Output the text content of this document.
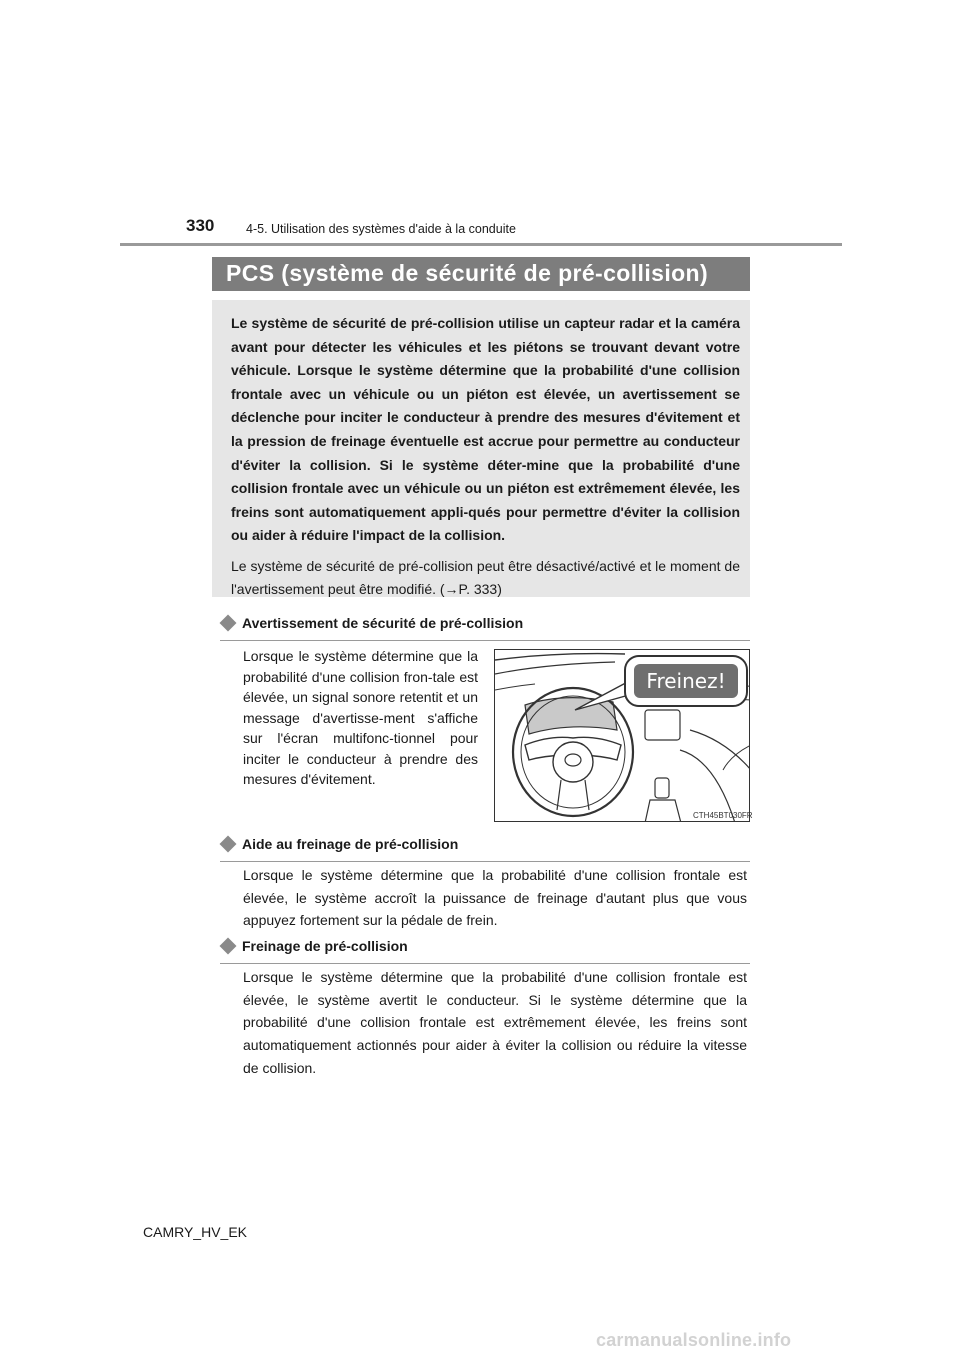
330	4-5. Utilisation des systèmes d'aide à la conduite
PCS (système de sécurité de pré-collision)

Le système de sécurité de pré-collision utilise un capteur radar et la caméra avant pour détecter les véhicules et les piétons se trouvant devant votre véhicule. Lorsque le système détermine que la probabilité d'une collision frontale avec un véhicule ou un piéton est élevée, un avertissement se déclenche pour inciter le conducteur à prendre des mesures d'évitement et la pression de freinage éventuelle est accrue pour permettre au conducteur d'éviter la collision. Si le système déter-mine que la probabilité d'une collision frontale avec un véhicule ou un piéton est extrêmement élevée, les freins sont automatiquement appli-qués pour permettre d'éviter la collision ou aider à réduire l'impact de la collision.

Le système de sécurité de pré-collision peut être désactivé/activé et le moment de l'avertissement peut être modifié. (→P. 333)

Avertissement de sécurité de pré-collision

Lorsque le système détermine que la probabilité d'une collision fron-tale est élevée, un signal sonore retentit et un message d'avertisse-ment s'affiche sur l'écran multifonc-tionnel pour inciter le conducteur à prendre des mesures d'évitement.

Freinez!
CTH45BT030FR
Aide au freinage de pré-collision

Lorsque le système détermine que la probabilité d'une collision frontale est élevée, le système accroît la puissance de freinage d'autant plus que vous appuyez fortement sur la pédale de frein.

Freinage de pré-collision

Lorsque le système détermine que la probabilité d'une collision frontale est élevée, le système avertit le conducteur. Si le système détermine que la probabilité d'une collision frontale est extrêmement élevée, les freins sont automatiquement actionnés pour aider à éviter la collision ou réduire la vitesse de collision.

CAMRY_HV_EK
carmanualsonline.info
